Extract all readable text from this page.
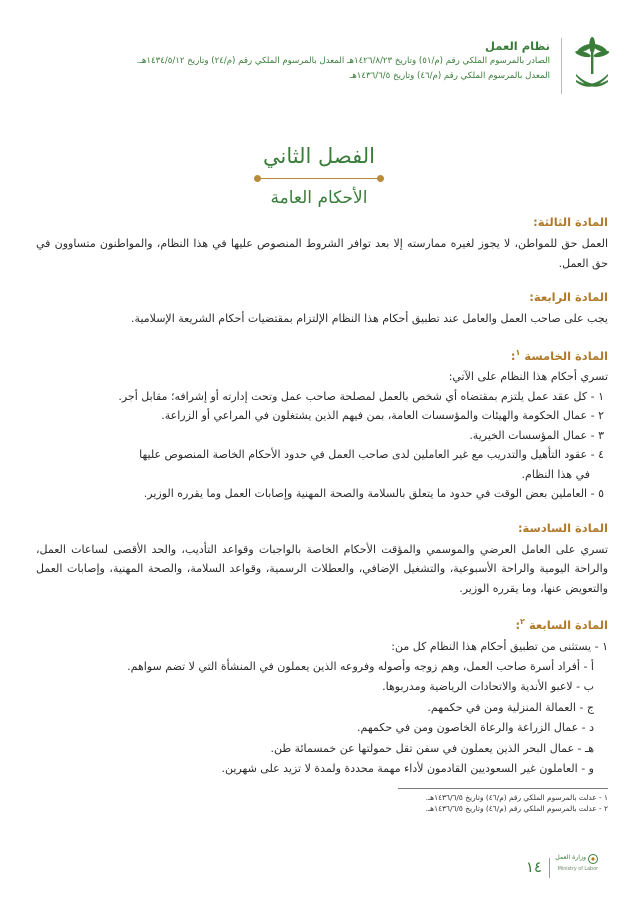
نظام العمل
الصادر بالمرسوم الملكي رقم (م/٥١) وتاريخ ١٤٢٦/٨/٢٣هـ المعدل بالمرسوم الملكي رقم (م/٢٤) وتاريخ ١٤٣٤/٥/١٢هـ.
المعدل بالمرسوم الملكي رقم (م/٤٦) وتاريخ ١٤٣٦/٦/٥هـ
الفصل الثاني
الأحكام العامة
المادة الثالثة:
العمل حق للمواطن، لا يجوز لغيره ممارسته إلا بعد توافر الشروط المنصوص عليها في هذا النظام، والمواطنون متساوون في حق العمل.
المادة الرابعة:
يجب على صاحب العمل والعامل عند تطبيق أحكام هذا النظام الإلتزام بمقتضيات أحكام الشريعة الإسلامية.
المادة الخامسة $^١$:
تسري أحكام هذا النظام على الآتي:
١ - كل عقد عمل يلتزم بمقتضاه أي شخص بالعمل لمصلحة صاحب عمل وتحت إدارته أو إشرافه؛ مقابل أجر.
٢ - عمال الحكومة والهيئات والمؤسسات العامة، بمن فيهم الذين يشتغلون في المراعي أو الزراعة.
٣ - عمال المؤسسات الخيرية.
٤ - عقود التأهيل والتدريب مع غير العاملين لدى صاحب العمل في حدود الأحكام الخاصة المنصوص عليها
في هذا النظام.
٥ - العاملين بعض الوقت في حدود ما يتعلق بالسلامة والصحة المهنية وإصابات العمل وما يقرره الوزير.
المادة السادسة:
تسري على العامل العرضي والموسمي والمؤقت الأحكام الخاصة بالواجبات وقواعد التأديب، والحد الأقصى لساعات العمل، والراحة اليومية والراحة الأسبوعية، والتشغيل الإضافي، والعطلات الرسمية، وقواعد السلامة، والصحة المهنية، وإصابات العمل والتعويض عنها، وما يقرره الوزير.
المادة السابعة $^٢$:
١ - يستثنى من تطبيق أحكام هذا النظام كل من:
أ - أفراد أسرة صاحب العمل، وهم زوجه وأصوله وفروعه الذين يعملون في المنشأة التي لا تضم سواهم.
ب - لاعبو الأندية والاتحادات الرياضية ومدربوها.
ج - العمالة المنزلية ومن في حكمهم.
د - عمال الزراعة والرعاة الخاصون ومن في حكمهم.
هـ - عمال البحر الذين يعملون في سفن تقل حمولتها عن خمسمائة طن.
و - العاملون غير السعوديين القادمون لأداء مهمة محددة ولمدة لا تزيد على شهرين.
١ - عدلت بالمرسوم الملكي رقم (م/٤٦) وتاريخ ١٤٣٦/٦/٥هـ.
٢ - عدلت بالمرسوم الملكي رقم (م/٤٦) وتاريخ ١٤٣٦/٦/٥هـ.
١٤
وزارة العمل
Ministry of Labor
